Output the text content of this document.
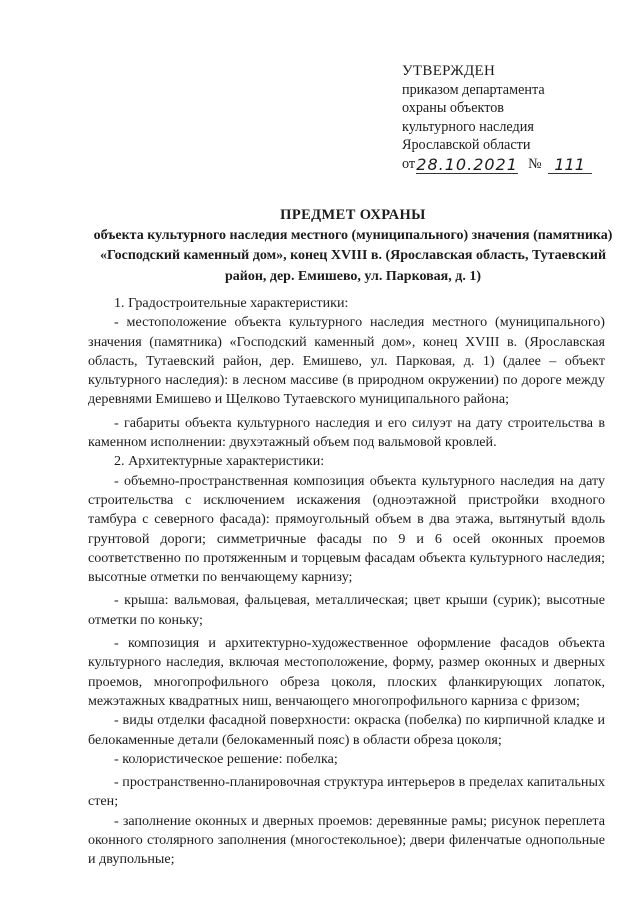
УТВЕРЖДЕН
приказом департамента
охраны объектов
культурного наследия
Ярославской области
от 28.10.2021 № 111
ПРЕДМЕТ ОХРАНЫ
объекта культурного наследия местного (муниципального) значения (памятника) «Господский каменный дом», конец XVIII в. (Ярославская область, Тутаевский район, дер. Емишево, ул. Парковая, д. 1)

1. Градостроительные характеристики:

- местоположение объекта культурного наследия местного (муниципального) значения (памятника) «Господский каменный дом», конец XVIII в. (Ярославская область, Тутаевский район, дер. Емишево, ул. Парковая, д. 1) (далее – объект культурного наследия): в лесном массиве (в природном окружении) по дороге между деревнями Емишево и Щелково Тутаевского муниципального района;

- габариты объекта культурного наследия и его силуэт на дату строительства в каменном исполнении: двухэтажный объем под вальмовой кровлей.

2. Архитектурные характеристики:

- объемно-пространственная композиция объекта культурного наследия на дату строительства с исключением искажения (одноэтажной пристройки входного тамбура с северного фасада): прямоугольный объем в два этажа, вытянутый вдоль грунтовой дороги; симметричные фасады по 9 и 6 осей оконных проемов соответственно по протяженным и торцевым фасадам объекта культурного наследия; высотные отметки по венчающему карнизу;

- крыша: вальмовая, фальцевая, металлическая; цвет крыши (сурик); высотные отметки по коньку;

- композиция и архитектурно-художественное оформление фасадов объекта культурного наследия, включая местоположение, форму, размер оконных и дверных проемов, многопрофильного обреза цоколя, плоских фланкирующих лопаток, межэтажных квадратных ниш, венчающего многопрофильного карниза с фризом;

- виды отделки фасадной поверхности: окраска (побелка) по кирпичной кладке и белокаменные детали (белокаменный пояс) в области обреза цоколя;

- колористическое решение: побелка;

- пространственно-планировочная структура интерьеров в пределах капитальных стен;

- заполнение оконных и дверных проемов: деревянные рамы; рисунок переплета оконного столярного заполнения (многостекольное); двери филенчатые однопольные и двупольные;
